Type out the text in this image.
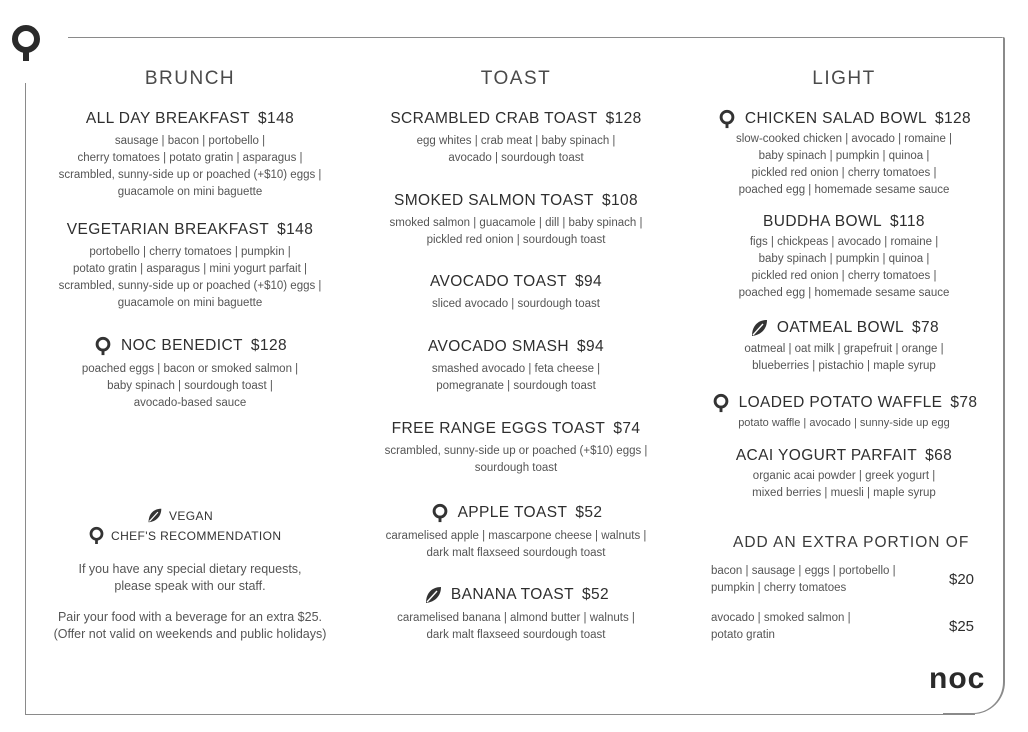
BRUNCH	TOAST	LIGHT
ALL DAY BREAKFAST $148
sausage | bacon | portobello |
cherry tomatoes | potato gratin | asparagus |
scrambled, sunny-side up or poached (+$10) eggs |
guacamole on mini baguette
VEGETARIAN BREAKFAST $148
portobello | cherry tomatoes | pumpkin |
potato gratin | asparagus | mini yogurt parfait |
scrambled, sunny-side up or poached (+$10) eggs |
guacamole on mini baguette
NOC BENEDICT $128
poached eggs | bacon or smoked salmon |
baby spinach | sourdough toast |
avocado-based sauce
VEGAN
CHEF'S RECOMMENDATION
If you have any special dietary requests,
please speak with our staff.
Pair your food with a beverage for an extra $25.
(Offer not valid on weekends and public holidays)
SCRAMBLED CRAB TOAST $128
egg whites | crab meat | baby spinach |
avocado | sourdough toast
SMOKED SALMON TOAST $108
smoked salmon | guacamole | dill | baby spinach |
pickled red onion | sourdough toast
AVOCADO TOAST $94
sliced avocado | sourdough toast
AVOCADO SMASH $94
smashed avocado | feta cheese |
pomegranate | sourdough toast
FREE RANGE EGGS TOAST $74
scrambled, sunny-side up or poached (+$10) eggs |
sourdough toast
APPLE TOAST $52
caramelised apple | mascarpone cheese | walnuts |
dark malt flaxseed sourdough toast
BANANA TOAST $52
caramelised banana | almond butter | walnuts |
dark malt flaxseed sourdough toast
CHICKEN SALAD BOWL $128
slow-cooked chicken | avocado | romaine |
baby spinach | pumpkin | quinoa |
pickled red onion | cherry tomatoes |
poached egg | homemade sesame sauce
BUDDHA BOWL $118
figs | chickpeas | avocado | romaine |
baby spinach | pumpkin | quinoa |
pickled red onion | cherry tomatoes |
poached egg | homemade sesame sauce
OATMEAL BOWL $78
oatmeal | oat milk | grapefruit | orange |
blueberries | pistachio | maple syrup
LOADED POTATO WAFFLE $78
potato waffle | avocado | sunny-side up egg
ACAI YOGURT PARFAIT $68
organic acai powder | greek yogurt |
mixed berries | muesli | maple syrup
ADD AN EXTRA PORTION OF
bacon | sausage | eggs | portobello |
pumpkin | cherry tomatoes	$20
avocado | smoked salmon |
potato gratin	$25
noc
